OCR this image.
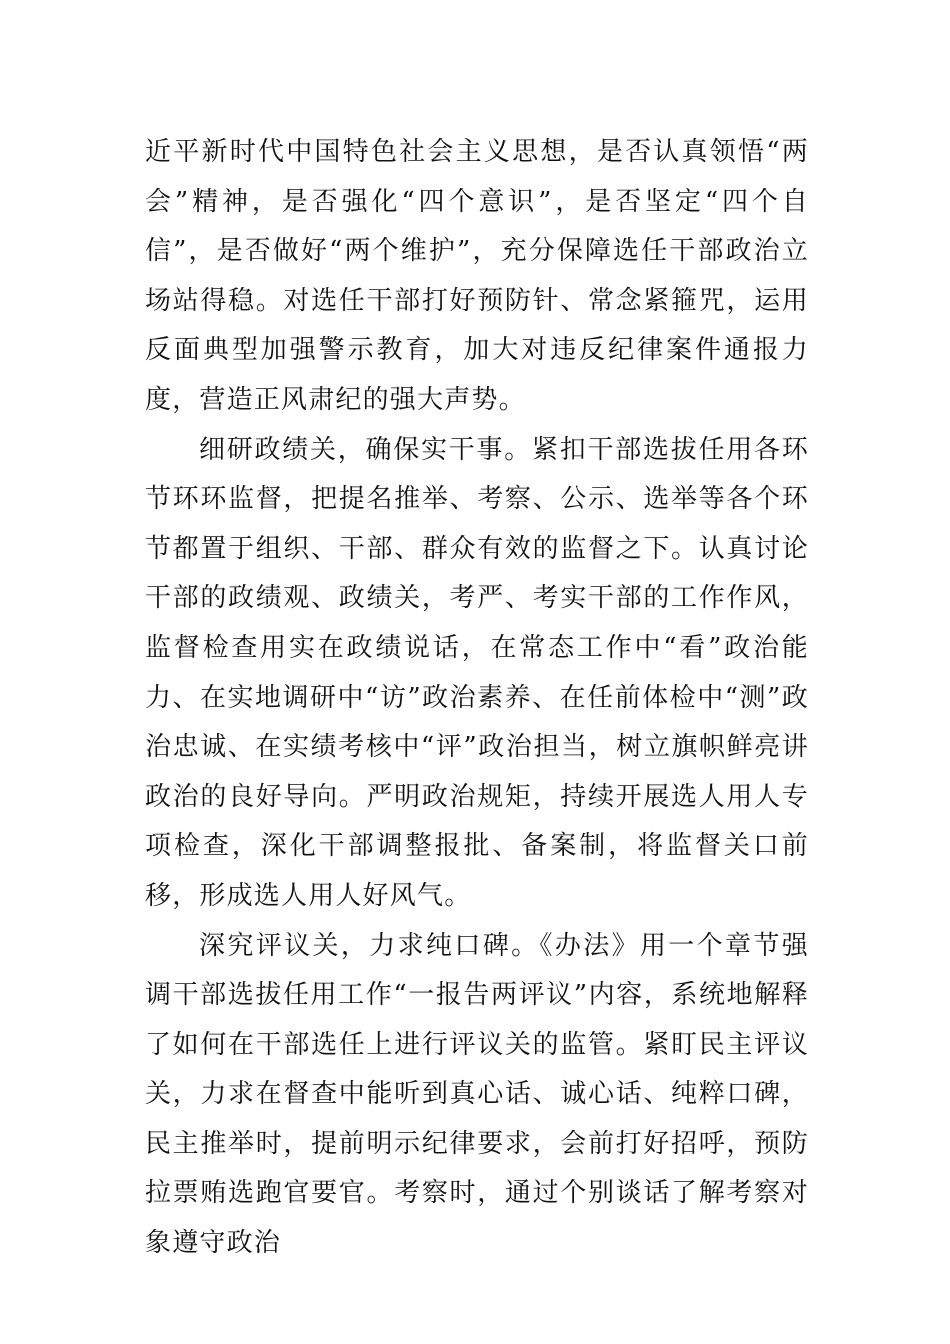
近平新时代中国特色社会主义思想，是否认真领悟“两会”精神，是否强化“四个意识”，是否坚定“四个自信”，是否做好“两个维护”，充分保障选任干部政治立场站得稳。对选任干部打好预防针、常念紧箍咒，运用反面典型加强警示教育，加大对违反纪律案件通报力度，营造正风肃纪的强大声势。

细研政绩关，确保实干事。紧扣干部选拔任用各环节环环监督，把提名推举、考察、公示、选举等各个环节都置于组织、干部、群众有效的监督之下。认真讨论干部的政绩观、政绩关，考严、考实干部的工作作风，监督检查用实在政绩说话，在常态工作中“看”政治能力、在实地调研中“访”政治素养、在任前体检中“测”政治忠诚、在实绩考核中“评”政治担当，树立旗帜鲜亮讲政治的良好导向。严明政治规矩，持续开展选人用人专项检查，深化干部调整报批、备案制，将监督关口前移，形成选人用人好风气。

深究评议关，力求纯口碑。《办法》用一个章节强调干部选拔任用工作“一报告两评议”内容，系统地解释了如何在干部选任上进行评议关的监管。紧盯民主评议关，力求在督查中能听到真心话、诚心话、纯粹口碑，民主推举时，提前明示纪律要求，会前打好招呼，预防拉票贿选跑官要官。考察时，通过个别谈话了解考察对象遵守政治
